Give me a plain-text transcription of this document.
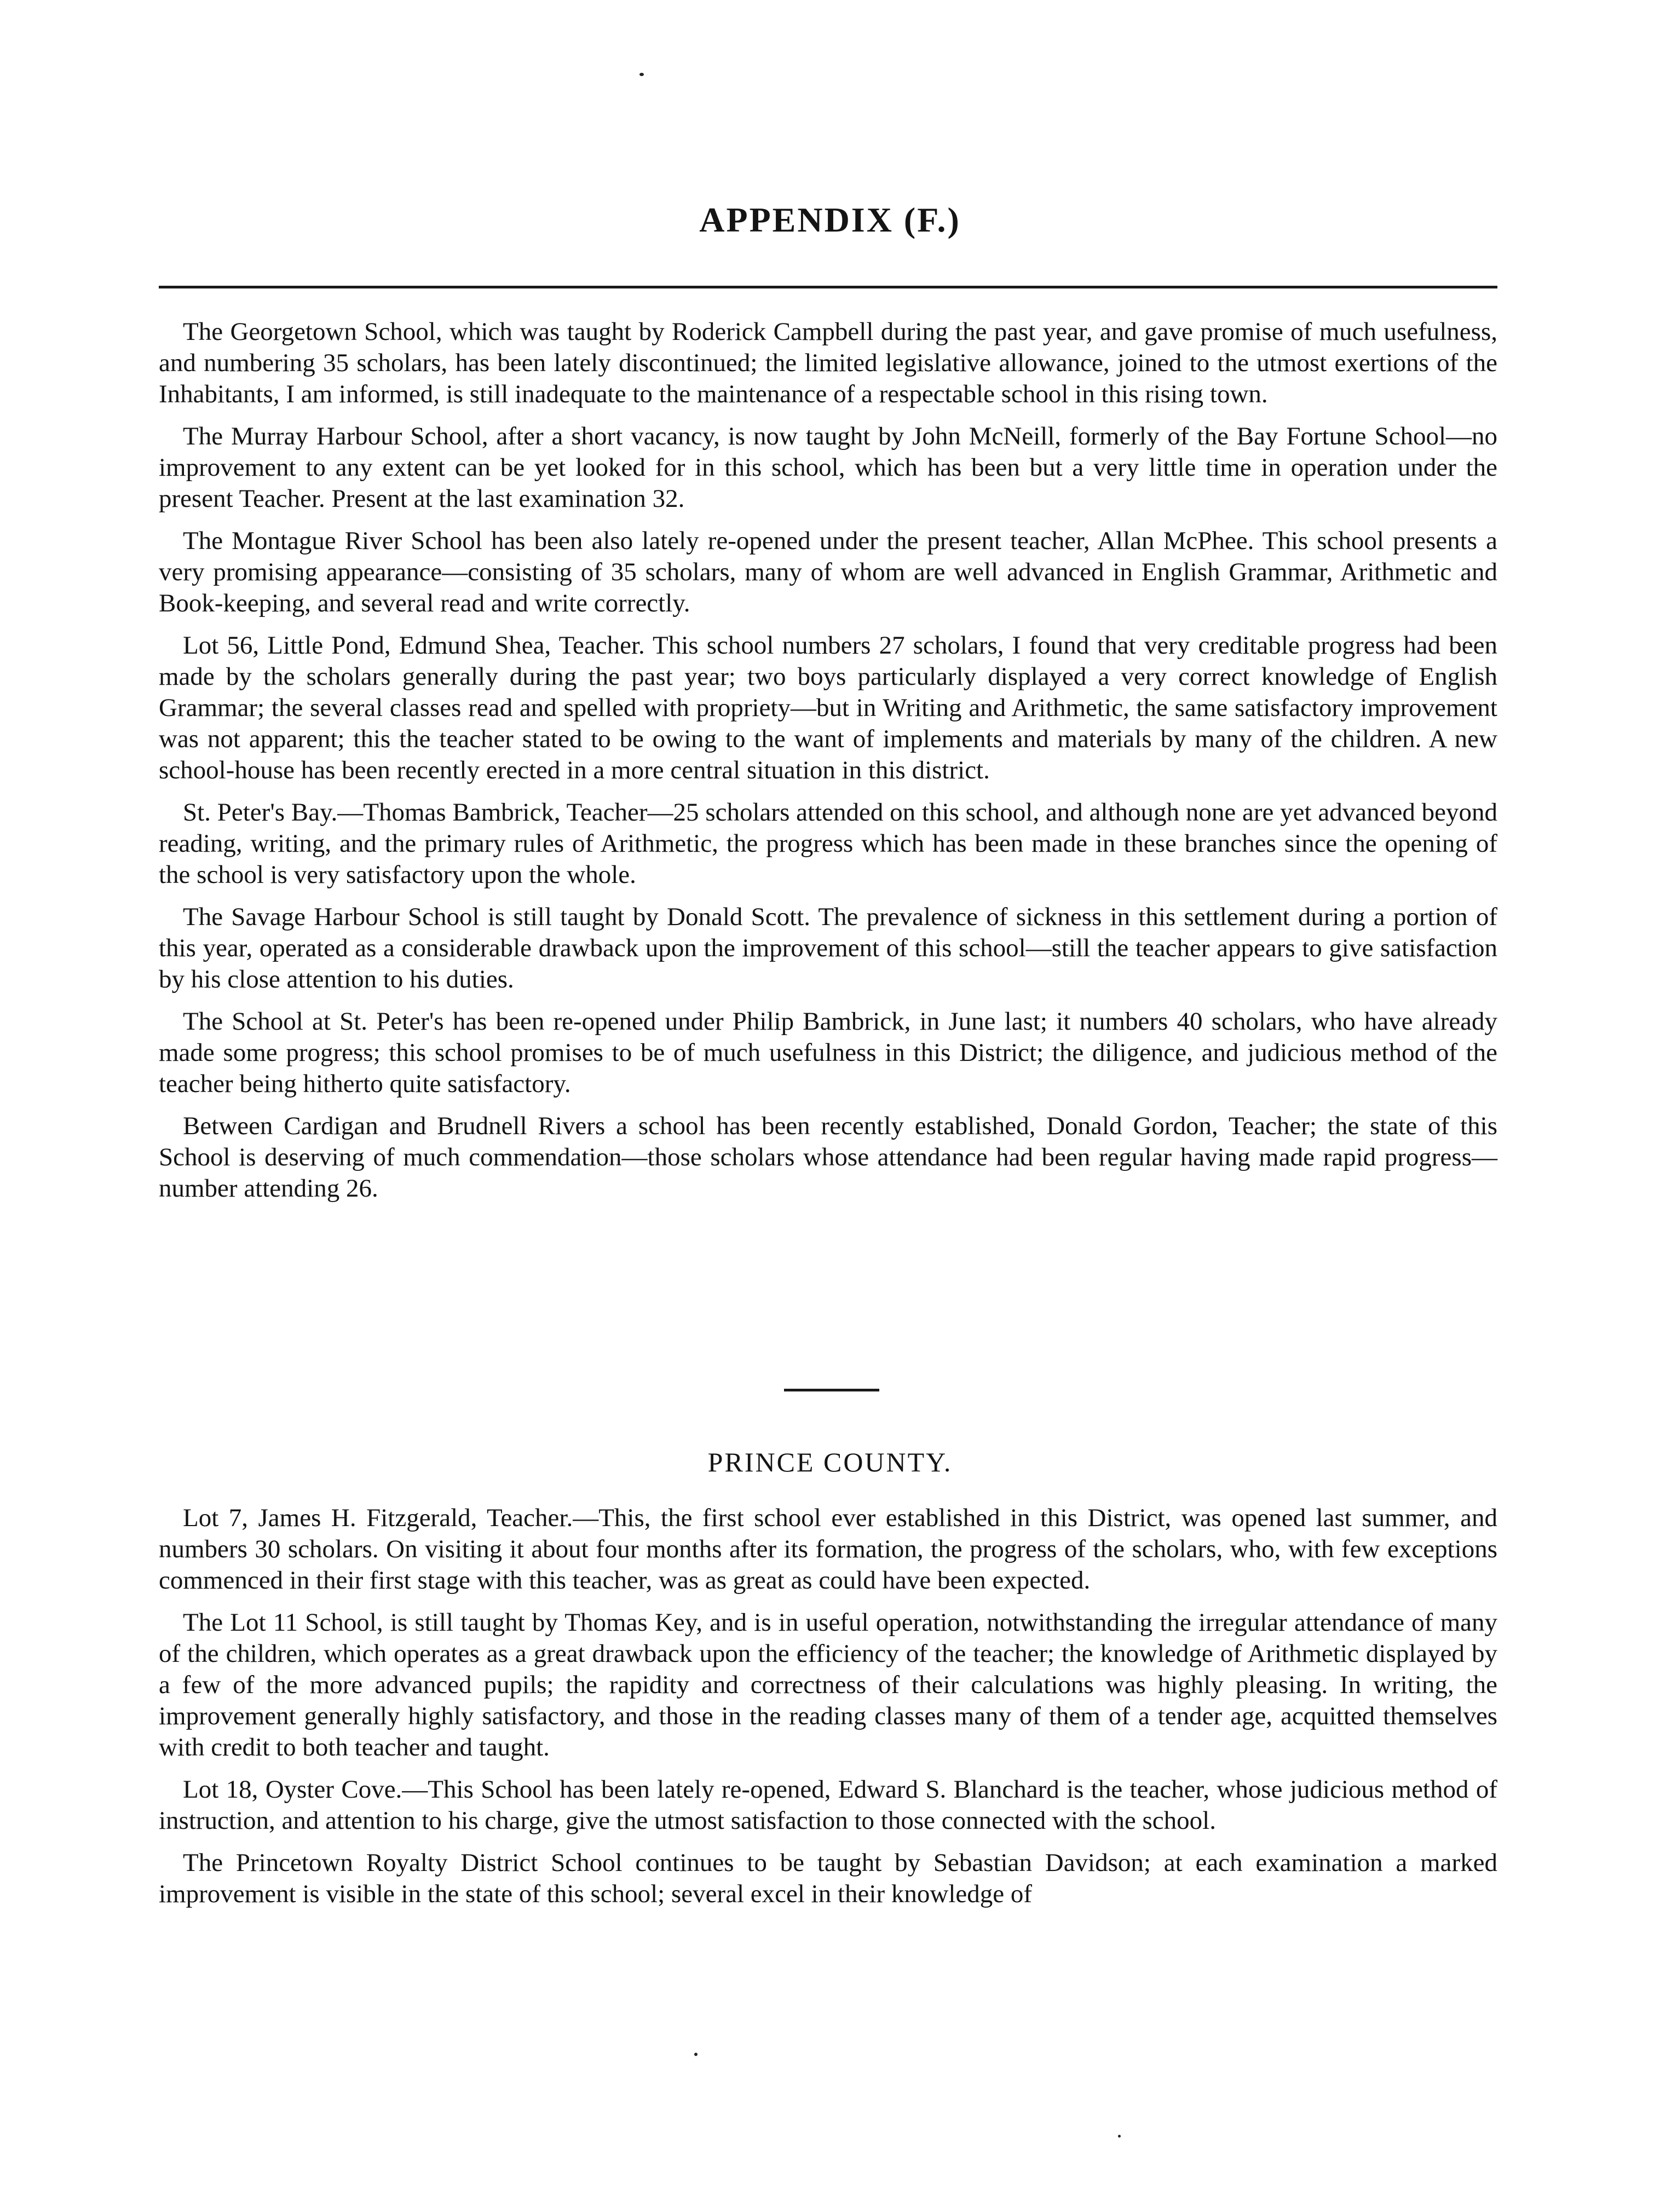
APPENDIX (F.)

The Georgetown School, which was taught by Roderick Campbell during the past year, and gave promise of much usefulness, and numbering 35 scholars, has been lately discontinued; the limited legislative allowance, joined to the utmost exertions of the Inhabitants, I am informed, is still inadequate to the maintenance of a respectable school in this rising town.

The Murray Harbour School, after a short vacancy, is now taught by John McNeill, formerly of the Bay Fortune School—no improvement to any extent can be yet looked for in this school, which has been but a very little time in operation under the present Teacher. Present at the last examination 32.

The Montague River School has been also lately re-opened under the present teacher, Allan McPhee. This school presents a very promising appearance—consisting of 35 scholars, many of whom are well advanced in English Grammar, Arithmetic and Book-keeping, and several read and write correctly.

Lot 56, Little Pond, Edmund Shea, Teacher. This school numbers 27 scholars, I found that very creditable progress had been made by the scholars generally during the past year; two boys particularly displayed a very correct knowledge of English Grammar; the several classes read and spelled with propriety—but in Writing and Arithmetic, the same satisfactory improvement was not apparent; this the teacher stated to be owing to the want of implements and materials by many of the children. A new school-house has been recently erected in a more central situation in this district.

St. Peter's Bay.—Thomas Bambrick, Teacher—25 scholars attended on this school, and although none are yet advanced beyond reading, writing, and the primary rules of Arithmetic, the progress which has been made in these branches since the opening of the school is very satisfactory upon the whole.

The Savage Harbour School is still taught by Donald Scott. The prevalence of sickness in this settlement during a portion of this year, operated as a considerable drawback upon the improvement of this school—still the teacher appears to give satisfaction by his close attention to his duties.

The School at St. Peter's has been re-opened under Philip Bambrick, in June last; it numbers 40 scholars, who have already made some progress; this school promises to be of much usefulness in this District; the diligence, and judicious method of the teacher being hitherto quite satisfactory.

Between Cardigan and Brudnell Rivers a school has been recently established, Donald Gordon, Teacher; the state of this School is deserving of much commendation—those scholars whose attendance had been regular having made rapid progress—number attending 26.

PRINCE COUNTY.

Lot 7, James H. Fitzgerald, Teacher.—This, the first school ever established in this District, was opened last summer, and numbers 30 scholars. On visiting it about four months after its formation, the progress of the scholars, who, with few exceptions commenced in their first stage with this teacher, was as great as could have been expected.

The Lot 11 School, is still taught by Thomas Key, and is in useful operation, notwithstanding the irregular attendance of many of the children, which operates as a great drawback upon the efficiency of the teacher; the knowledge of Arithmetic displayed by a few of the more advanced pupils; the rapidity and correctness of their calculations was highly pleasing. In writing, the improvement generally highly satisfactory, and those in the reading classes many of them of a tender age, acquitted themselves with credit to both teacher and taught.

Lot 18, Oyster Cove.—This School has been lately re-opened, Edward S. Blanchard is the teacher, whose judicious method of instruction, and attention to his charge, give the utmost satisfaction to those connected with the school.

The Princetown Royalty District School continues to be taught by Sebastian Davidson; at each examination a marked improvement is visible in the state of this school; several excel in their knowledge of
